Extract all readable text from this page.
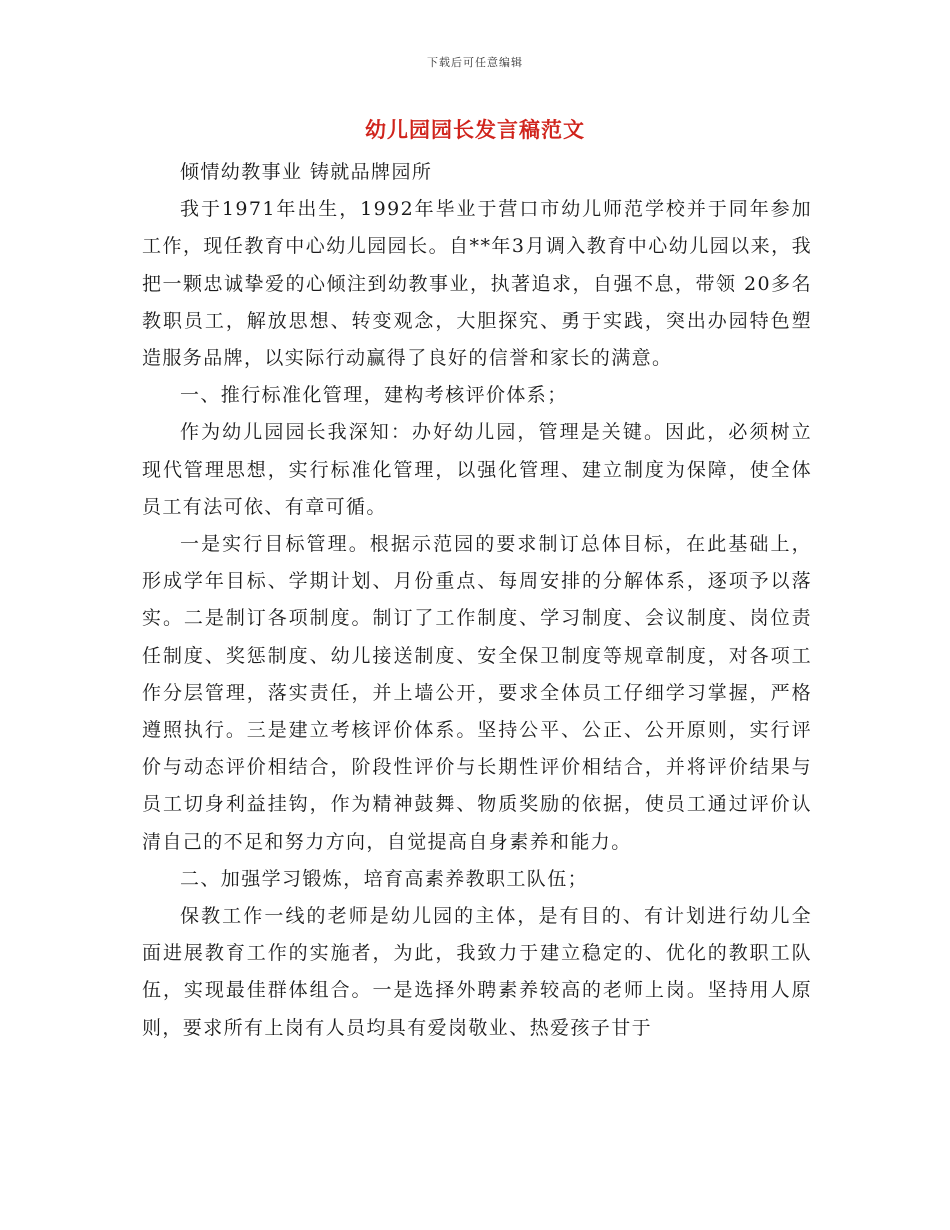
下载后可任意编辑
幼儿园园长发言稿范文

倾情幼教事业 铸就品牌园所

我于1971年出生，1992年毕业于营口市幼儿师范学校并于同年参加工作，现任教育中心幼儿园园长。自**年3月调入教育中心幼儿园以来，我把一颗忠诚挚爱的心倾注到幼教事业，执著追求，自强不息，带领 20多名教职员工，解放思想、转变观念，大胆探究、勇于实践，突出办园特色塑造服务品牌，以实际行动赢得了良好的信誉和家长的满意。

一、推行标准化管理，建构考核评价体系；

作为幼儿园园长我深知：办好幼儿园，管理是关键。因此，必须树立现代管理思想，实行标准化管理，以强化管理、建立制度为保障，使全体员工有法可依、有章可循。

一是实行目标管理。根据示范园的要求制订总体目标，在此基础上，形成学年目标、学期计划、月份重点、每周安排的分解体系，逐项予以落实。二是制订各项制度。制订了工作制度、学习制度、会议制度、岗位责任制度、奖惩制度、幼儿接送制度、安全保卫制度等规章制度，对各项工作分层管理，落实责任，并上墙公开，要求全体员工仔细学习掌握，严格遵照执行。三是建立考核评价体系。坚持公平、公正、公开原则，实行评价与动态评价相结合，阶段性评价与长期性评价相结合，并将评价结果与员工切身利益挂钩，作为精神鼓舞、物质奖励的依据，使员工通过评价认清自己的不足和努力方向，自觉提高自身素养和能力。

二、加强学习锻炼，培育高素养教职工队伍；

保教工作一线的老师是幼儿园的主体，是有目的、有计划进行幼儿全面进展教育工作的实施者，为此，我致力于建立稳定的、优化的教职工队伍，实现最佳群体组合。一是选择外聘素养较高的老师上岗。坚持用人原则，要求所有上岗有人员均具有爱岗敬业、热爱孩子甘于
